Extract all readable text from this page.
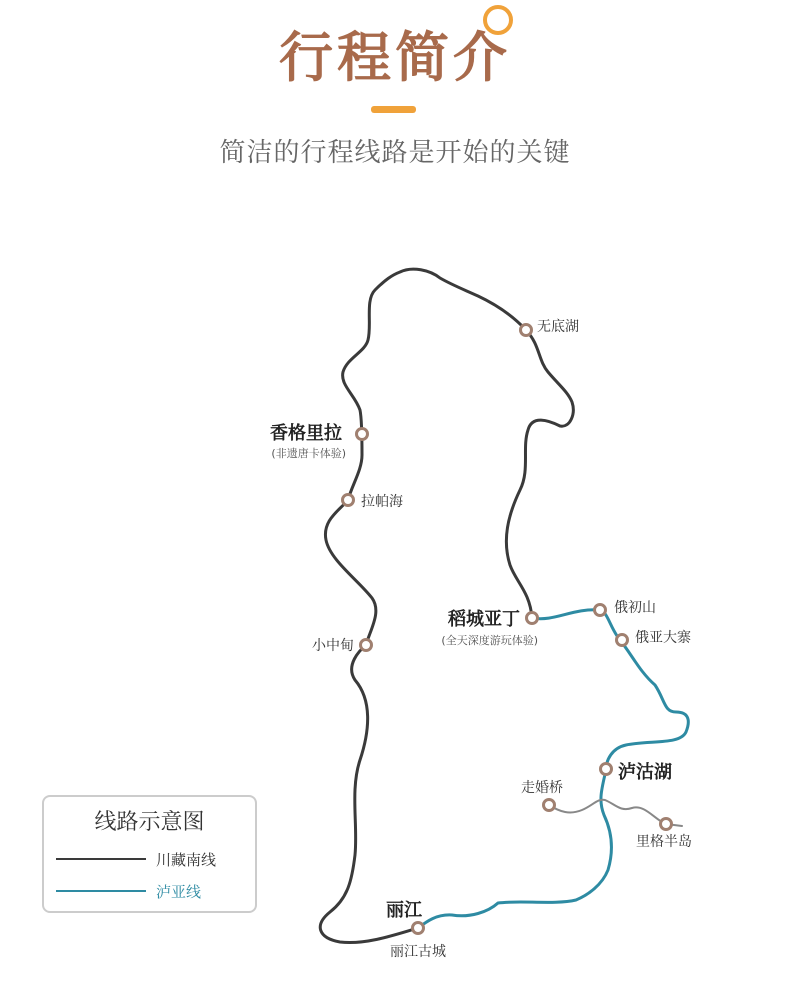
行程简介
简洁的行程线路是开始的关键
无底湖
香格里拉
(非遗唐卡体验)
拉帕海
小中甸
稻城亚丁
(全天深度游玩体验)
俄初山
俄亚大寨
泸沽湖
走婚桥
里格半岛
丽江
丽江古城
线路示意图
川藏南线
泸亚线
